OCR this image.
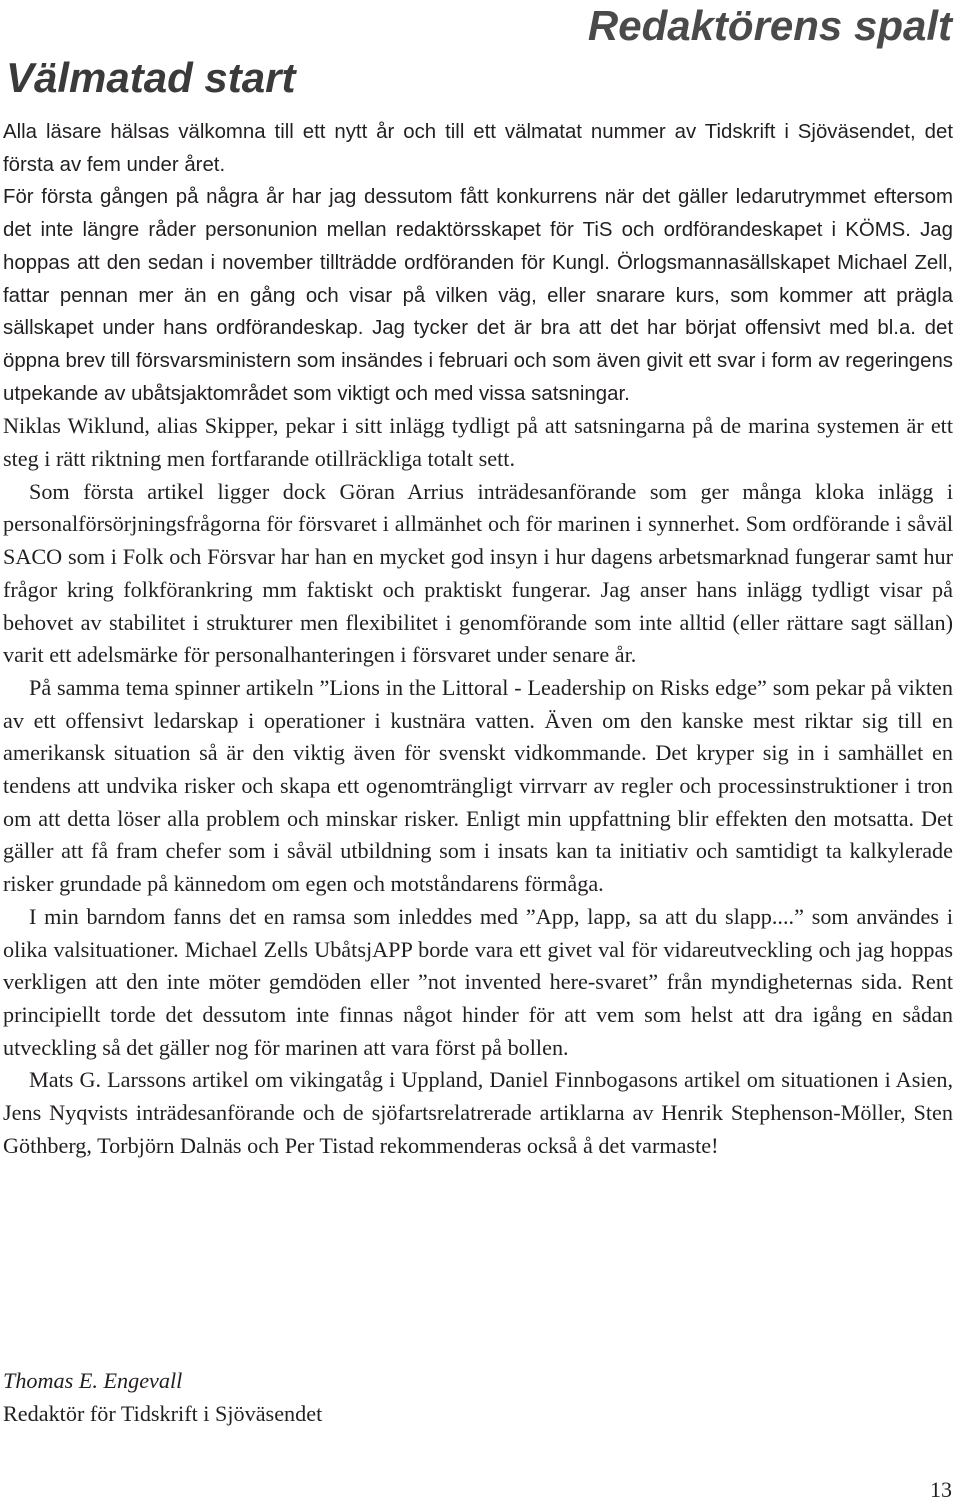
Redaktörens spalt
Välmatad start

Alla läsare hälsas välkomna till ett nytt år och till ett välmatat nummer av Tidskrift i Sjöväsendet, det första av fem under året.

För första gången på några år har jag dessutom fått konkurrens när det gäller ledarutrymmet eftersom det inte längre råder personunion mellan redaktörsskapet för TiS och ordförandeskapet i KÖMS. Jag hoppas att den sedan i november tillträdde ordföranden för Kungl. Örlogsmannasällskapet Michael Zell, fattar pennan mer än en gång och visar på vilken väg, eller snarare kurs, som kommer att prägla sällskapet under hans ordförandeskap. Jag tycker det är bra att det har börjat offensivt med bl.a. det öppna brev till försvarsministern som insändes i februari och som även givit ett svar i form av regeringens utpekande av ubåtsjaktområdet som viktigt och med vissa satsningar.

Niklas Wiklund, alias Skipper, pekar i sitt inlägg tydligt på att satsningarna på de marina systemen är ett steg i rätt riktning men fortfarande otillräckliga totalt sett.

Som första artikel ligger dock Göran Arrius inträdesanförande som ger många kloka inlägg i personalförsörjningsfrågorna för försvaret i allmänhet och för marinen i synnerhet. Som ordförande i såväl SACO som i Folk och Försvar har han en mycket god insyn i hur dagens arbetsmarknad fungerar samt hur frågor kring folkförankring mm faktiskt och praktiskt fungerar. Jag anser hans inlägg tydligt visar på behovet av stabilitet i strukturer men flexibilitet i genomförande som inte alltid (eller rättare sagt sällan) varit ett adelsmärke för personalhanteringen i försvaret under senare år.

På samma tema spinner artikeln ”Lions in the Littoral - Leadership on Risks edge” som pekar på vikten av ett offensivt ledarskap i operationer i kustnära vatten. Även om den kanske mest riktar sig till en amerikansk situation så är den viktig även för svenskt vidkommande. Det kryper sig in i samhället en tendens att undvika risker och skapa ett ogenomträngligt virrvarr av regler och processinstruktioner i tron om att detta löser alla problem och minskar risker. Enligt min uppfattning blir effekten den motsatta. Det gäller att få fram chefer som i såväl utbildning som i insats kan ta initiativ och samtidigt ta kalkylerade risker grundade på kännedom om egen och motståndarens förmåga.

I min barndom fanns det en ramsa som inleddes med ”App, lapp, sa att du slapp....” som användes i olika valsituationer. Michael Zells UbåtsjAPP borde vara ett givet val för vidareutveckling och jag hoppas verkligen att den inte möter gemdöden eller ”not invented here-svaret” från myndigheternas sida. Rent principiellt torde det dessutom inte finnas något hinder för att vem som helst att dra igång en sådan utveckling så det gäller nog för marinen att vara först på bollen.

Mats G. Larssons artikel om vikingatåg i Uppland, Daniel Finnbogasons artikel om situationen i Asien, Jens Nyqvists inträdesanförande och de sjöfartsrelatrerade artiklarna av Henrik Stephenson-Möller, Sten Göthberg, Torbjörn Dalnäs och Per Tistad rekommenderas också å det varmaste!

Thomas E. Engevall
Redaktör för Tidskrift i Sjöväsendet
13
